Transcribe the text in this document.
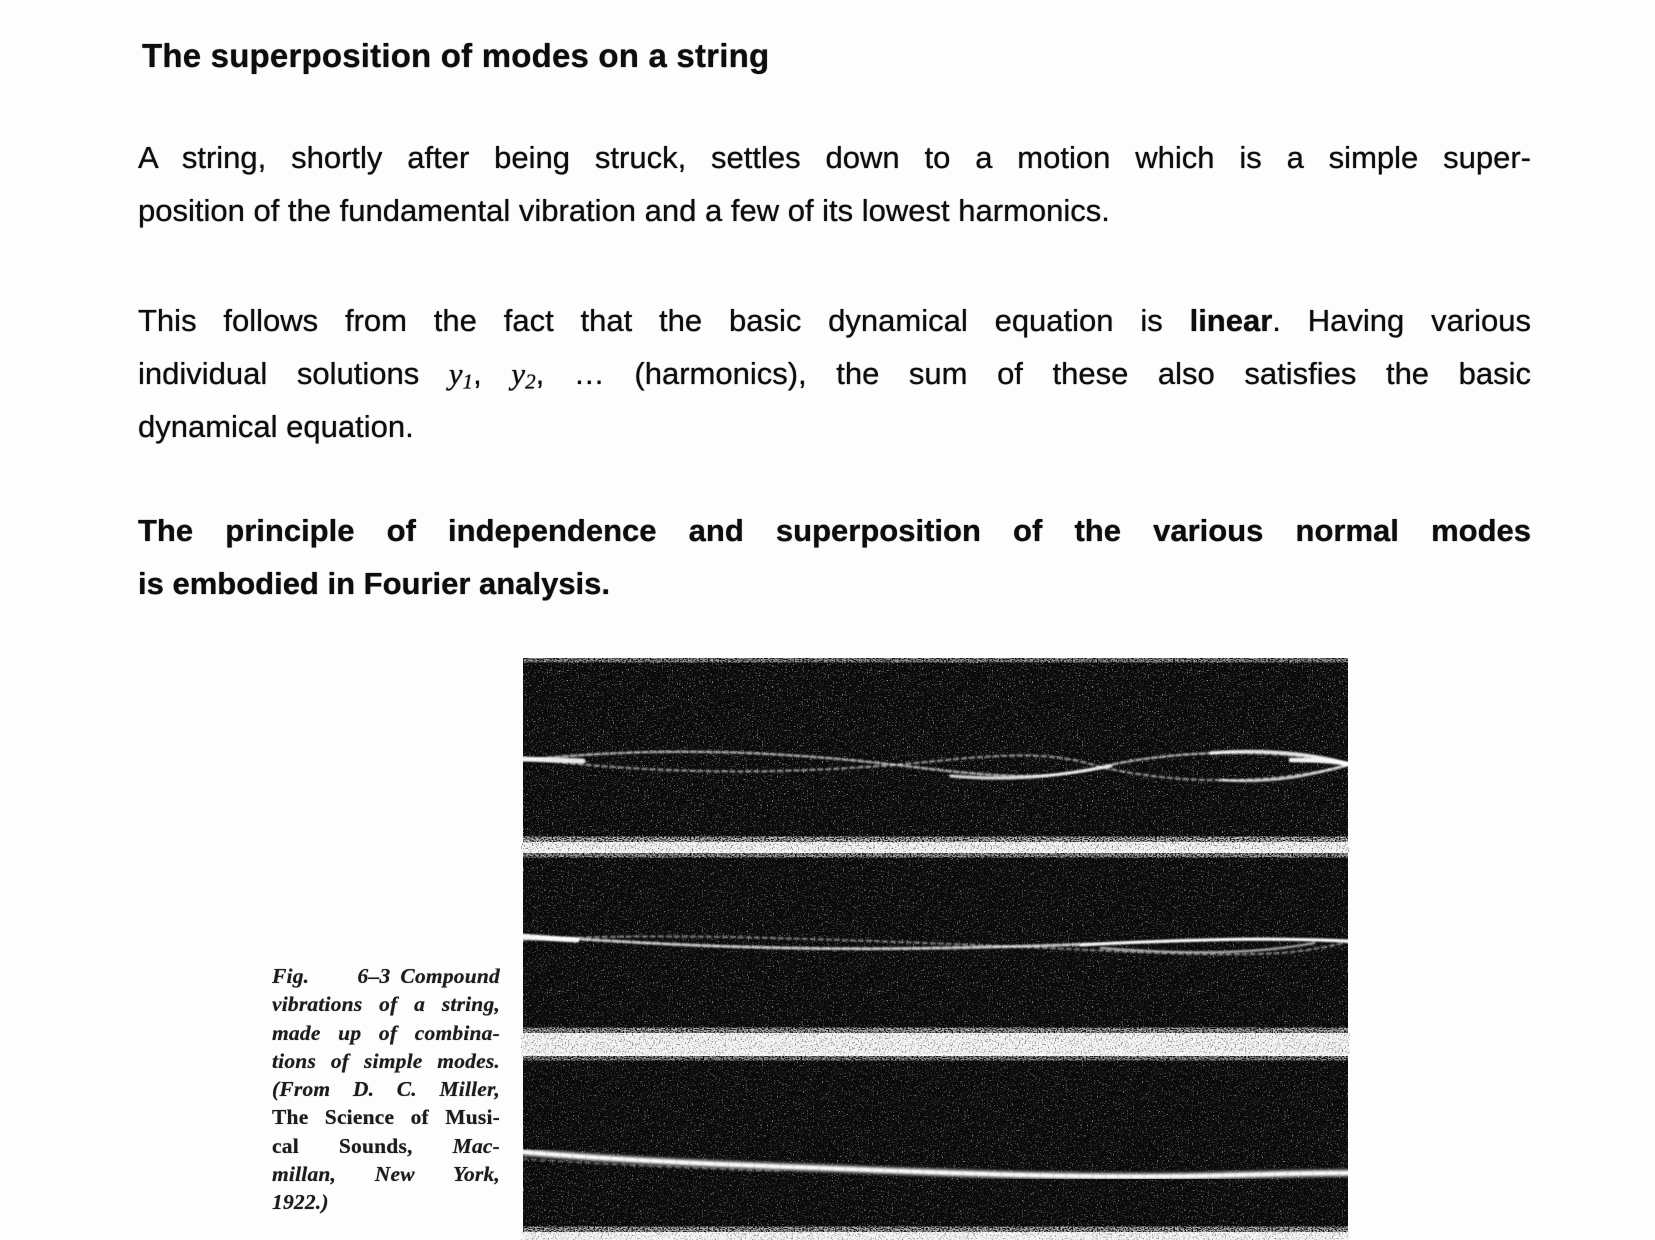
The superposition of modes on a string
A string, shortly after being struck, settles down to a motion which is a simple super-
position of the fundamental vibration and a few of its lowest harmonics.
This follows from the fact that the basic dynamical equation is linear. Having various
individual solutions $y_1$, $y_2$, … (harmonics), the sum of these also satisfies the basic
dynamical equation.
The principle of independence and superposition of the various normal modes
is embodied in Fourier analysis.
Fig. 6–3 Compound
vibrations of a string,
made up of combina-
tions of simple modes.
(From D. C. Miller,
The Science of Musi-
cal Sounds, Mac-
millan, New York,
1922.)
